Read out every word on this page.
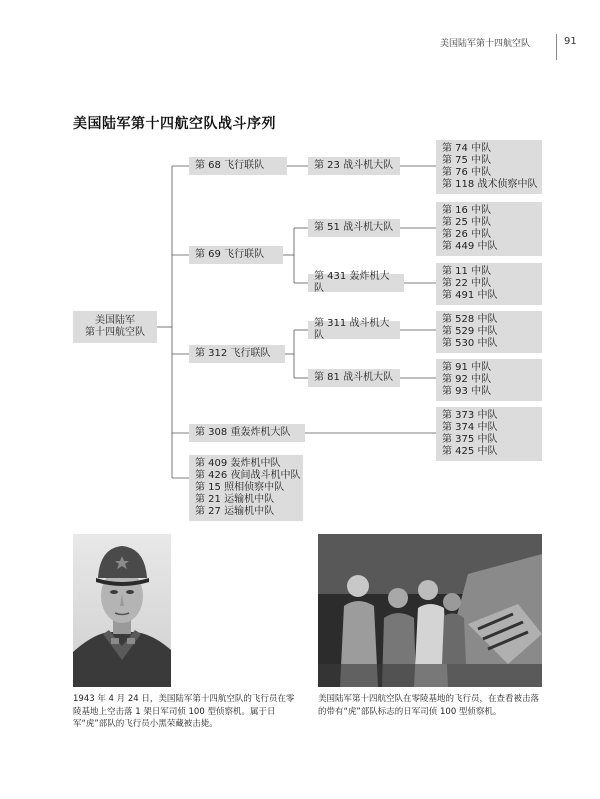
美国陆军第十四航空队	91
美国陆军第十四航空队战斗序列
美国陆军
第十四航空队
第 68 飞行联队
第 69 飞行联队
第 312 飞行联队
第 308 重轰炸机大队
第 409 轰炸机中队
第 426 夜间战斗机中队
第 15 照相侦察中队
第 21 运输机中队
第 27 运输机中队
第 23 战斗机大队
第 51 战斗机大队
第 431 轰炸机大队
第 311 战斗机大队
第 81 战斗机大队
第 74 中队
第 75 中队
第 76 中队
第 118 战术侦察中队
第 16 中队
第 25 中队
第 26 中队
第 449 中队
第 11 中队
第 22 中队
第 491 中队
第 528 中队
第 529 中队
第 530 中队
第 91 中队
第 92 中队
第 93 中队
第 373 中队
第 374 中队
第 375 中队
第 425 中队
1943 年 4 月 24 日，美国陆军第十四航空队的飞行员在零陵基地上空击落 1 架日军司侦 100 型侦察机。属于日军“虎”部队的飞行员小黑荣藏被击毙。
美国陆军第十四航空队在零陵基地的飞行员，在查看被击落的带有“虎”部队标志的日军司侦 100 型侦察机。
